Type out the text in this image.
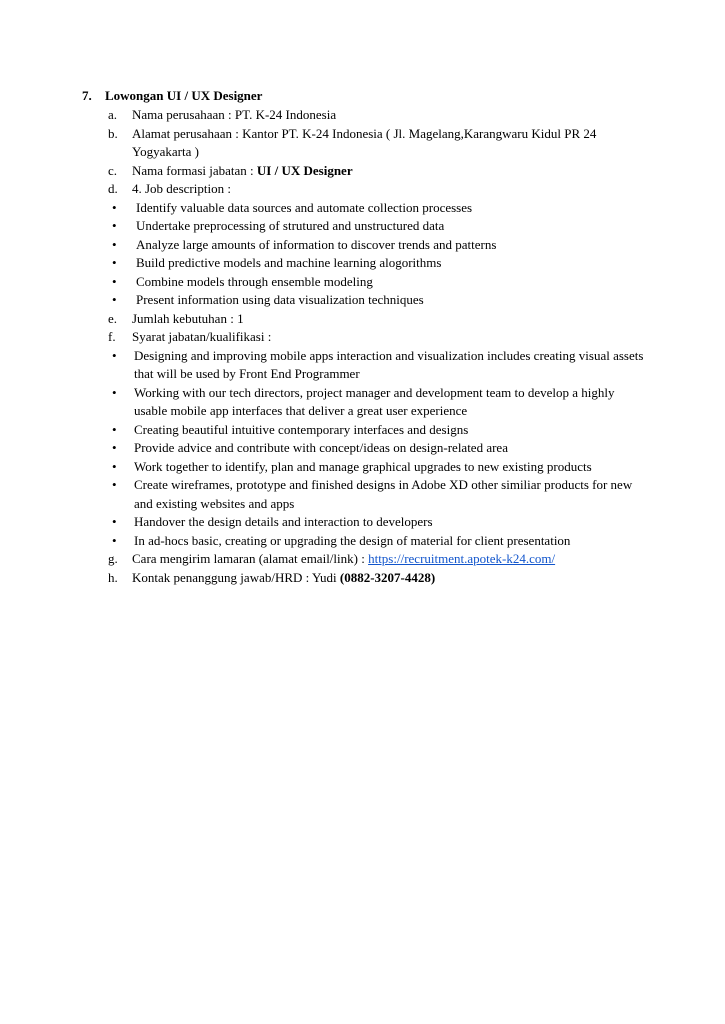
7. Lowongan UI / UX Designer
a. Nama perusahaan : PT. K-24 Indonesia
b. Alamat perusahaan : Kantor PT. K-24 Indonesia ( Jl. Magelang,Karangwaru Kidul PR 24 Yogyakarta )
c. Nama formasi jabatan : UI / UX Designer
d. 4. Job description :
• Identify valuable data sources and automate collection processes
• Undertake preprocessing of strutured and unstructured data
• Analyze large amounts of information to discover trends and patterns
• Build predictive models and machine learning alogorithms
• Combine models through ensemble modeling
• Present information using data visualization techniques
e. Jumlah kebutuhan : 1
f. Syarat jabatan/kualifikasi :
• Designing and improving mobile apps interaction and visualization includes creating visual assets that will be used by Front End Programmer
• Working with our tech directors, project manager and development team to develop a highly usable mobile app interfaces that deliver a great user experience
• Creating beautiful intuitive contemporary interfaces and designs
• Provide advice and contribute with concept/ideas on design-related area
• Work together to identify, plan and manage graphical upgrades to new existing products
• Create wireframes, prototype and finished designs in Adobe XD other similiar products for new and existing websites and apps
• Handover the design details and interaction to developers
• In ad-hocs basic, creating or upgrading the design of material for client presentation
g. Cara mengirim lamaran (alamat email/link) : https://recruitment.apotek-k24.com/
h. Kontak penanggung jawab/HRD : Yudi (0882-3207-4428)
